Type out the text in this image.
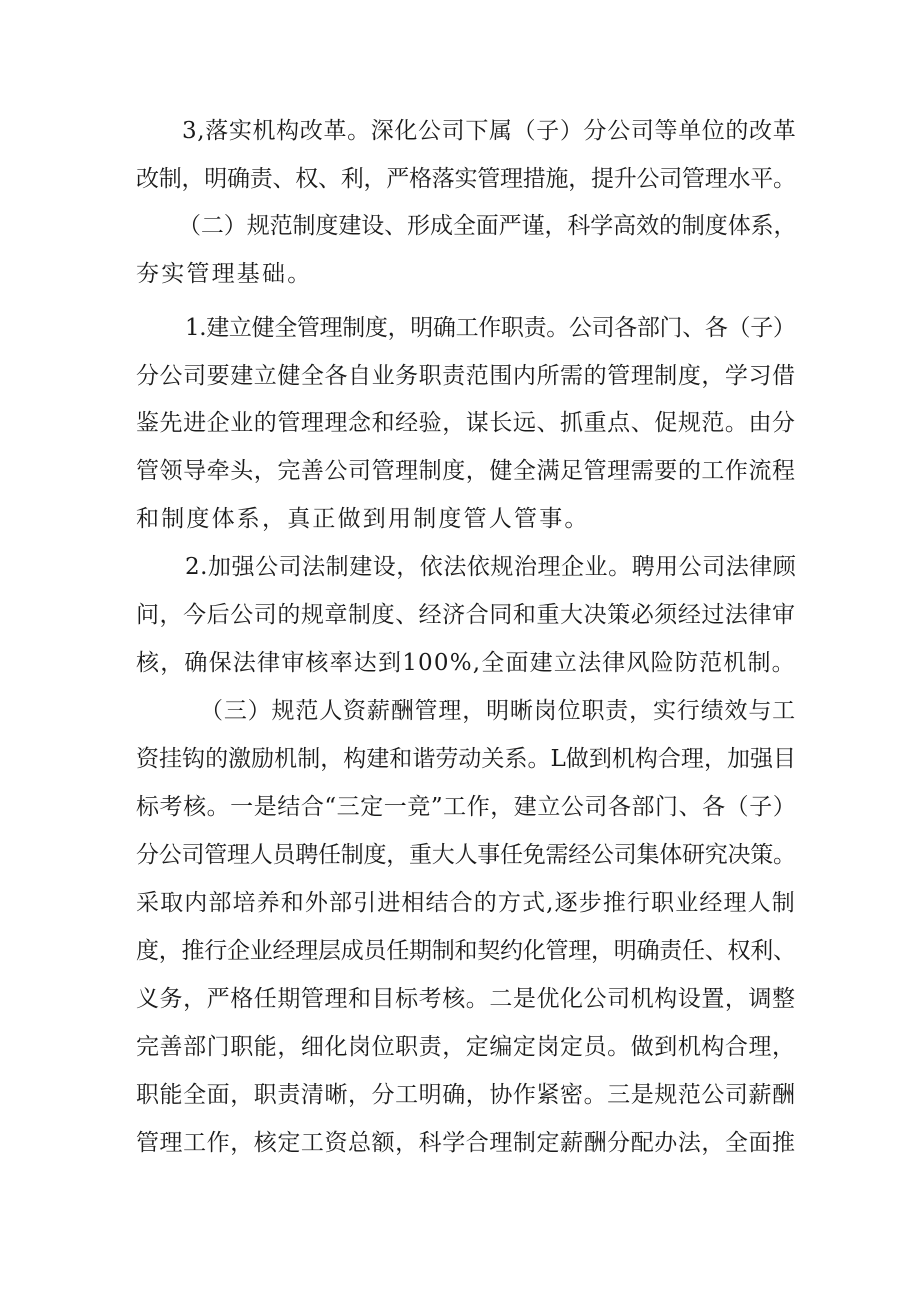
3,落实机构改革。深化公司下属（子）分公司等单位的改革
改制，明确责、权、利，严格落实管理措施，提升公司管理水平。
（二）规范制度建设、形成全面严谨，科学高效的制度体系，
夯实管理基础。
1.建立健全管理制度，明确工作职责。公司各部门、各（子）
分公司要建立健全各自业务职责范围内所需的管理制度，学习借
鉴先进企业的管理理念和经验，谋长远、抓重点、促规范。由分
管领导牵头，完善公司管理制度，健全满足管理需要的工作流程
和制度体系，真正做到用制度管人管事。
2.加强公司法制建设，依法依规治理企业。聘用公司法律顾
问，今后公司的规章制度、经济合同和重大决策必须经过法律审
核，确保法律审核率达到100%,全面建立法律风险防范机制。
（三）规范人资薪酬管理，明晰岗位职责，实行绩效与工
资挂钩的激励机制，构建和谐劳动关系。L做到机构合理，加强目
标考核。一是结合“三定一竞”工作，建立公司各部门、各（子）
分公司管理人员聘任制度，重大人事任免需经公司集体研究决策。
采取内部培养和外部引进相结合的方式,逐步推行职业经理人制
度，推行企业经理层成员任期制和契约化管理，明确责任、权利、
义务，严格任期管理和目标考核。二是优化公司机构设置，调整
完善部门职能，细化岗位职责，定编定岗定员。做到机构合理，
职能全面，职责清晰，分工明确，协作紧密。三是规范公司薪酬
管理工作，核定工资总额，科学合理制定薪酬分配办法，全面推
